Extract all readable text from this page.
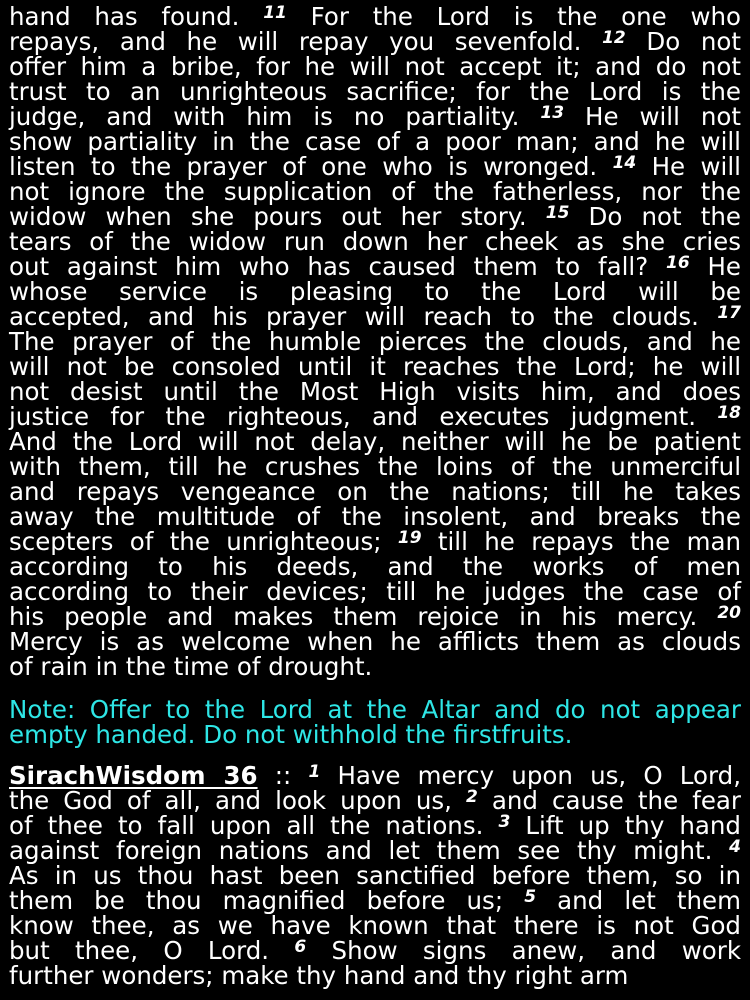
hand has found. $^{11}$ For the Lord is the one who
repays, and he will repay you sevenfold. $^{12}$ Do not
offer him a bribe, for he will not accept it; and do not
trust to an unrighteous sacrifice; for the Lord is the
judge, and with him is no partiality. $^{13}$ He will not
show partiality in the case of a poor man; and he will
listen to the prayer of one who is wronged. $^{14}$ He will
not ignore the supplication of the fatherless, nor the
widow when she pours out her story. $^{15}$ Do not the
tears of the widow run down her cheek as she cries
out against him who has caused them to fall? $^{16}$ He
whose service is pleasing to the Lord will be
accepted, and his prayer will reach to the clouds. $^{17}$
The prayer of the humble pierces the clouds, and he
will not be consoled until it reaches the Lord; he will
not desist until the Most High visits him, and does
justice for the righteous, and executes judgment. $^{18}$
And the Lord will not delay, neither will he be patient
with them, till he crushes the loins of the unmerciful
and repays vengeance on the nations; till he takes
away the multitude of the insolent, and breaks the
scepters of the unrighteous; $^{19}$ till he repays the man
according to his deeds, and the works of men
according to their devices; till he judges the case of
his people and makes them rejoice in his mercy. $^{20}$
Mercy is as welcome when he afflicts them as clouds
of rain in the time of drought.
Note: Offer to the Lord at the Altar and do not appear
empty handed. Do not withhold the firstfruits.
SirachWisdom 36 :: $^1$ Have mercy upon us, O Lord,
the God of all, and look upon us, $^2$ and cause the fear
of thee to fall upon all the nations. $^3$ Lift up thy hand
against foreign nations and let them see thy might. $^4$
As in us thou hast been sanctified before them, so in
them be thou magnified before us; $^5$ and let them
know thee, as we have known that there is not God
but thee, O Lord. $^6$ Show signs anew, and work
further wonders; make thy hand and thy right arm
